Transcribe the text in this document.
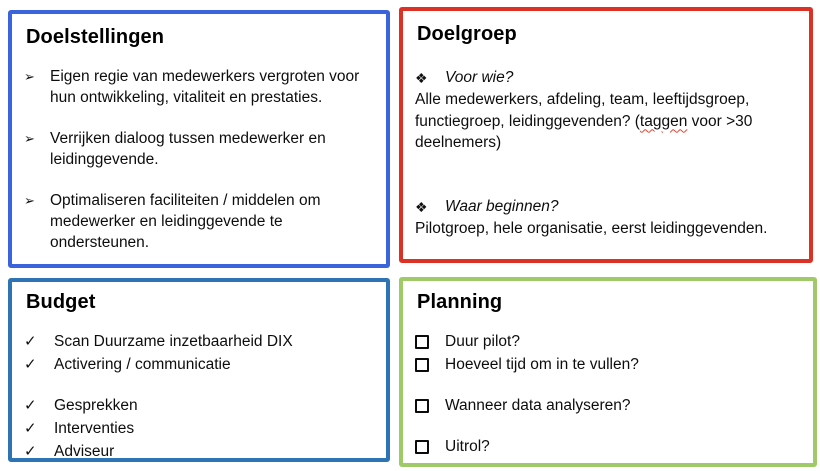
Doelstellingen
➢ Eigen regie van medewerkers vergroten voor hun ontwikkeling, vitaliteit en prestaties.
➢ Verrijken dialoog tussen medewerker en leidinggevende.
➢ Optimaliseren faciliteiten / middelen om medewerker en leidinggevende te ondersteunen.
Doelgroep
❖	Voor wie?

Alle medewerkers, afdeling, team, leeftijdsgroep, functiegroep, leidinggevenden? (taggen voor >30 deelnemers)

❖	Waar beginnen?

Pilotgroep, hele organisatie, eerst leidinggevenden.

Budget
✓	Scan Duurzame inzetbaarheid DIX
✓	Activering / communicatie
✓	Gesprekken
✓	Interventies
✓	Adviseur
Planning
Duur pilot?
Hoeveel tijd om in te vullen?
Wanneer data analyseren?
Uitrol?
